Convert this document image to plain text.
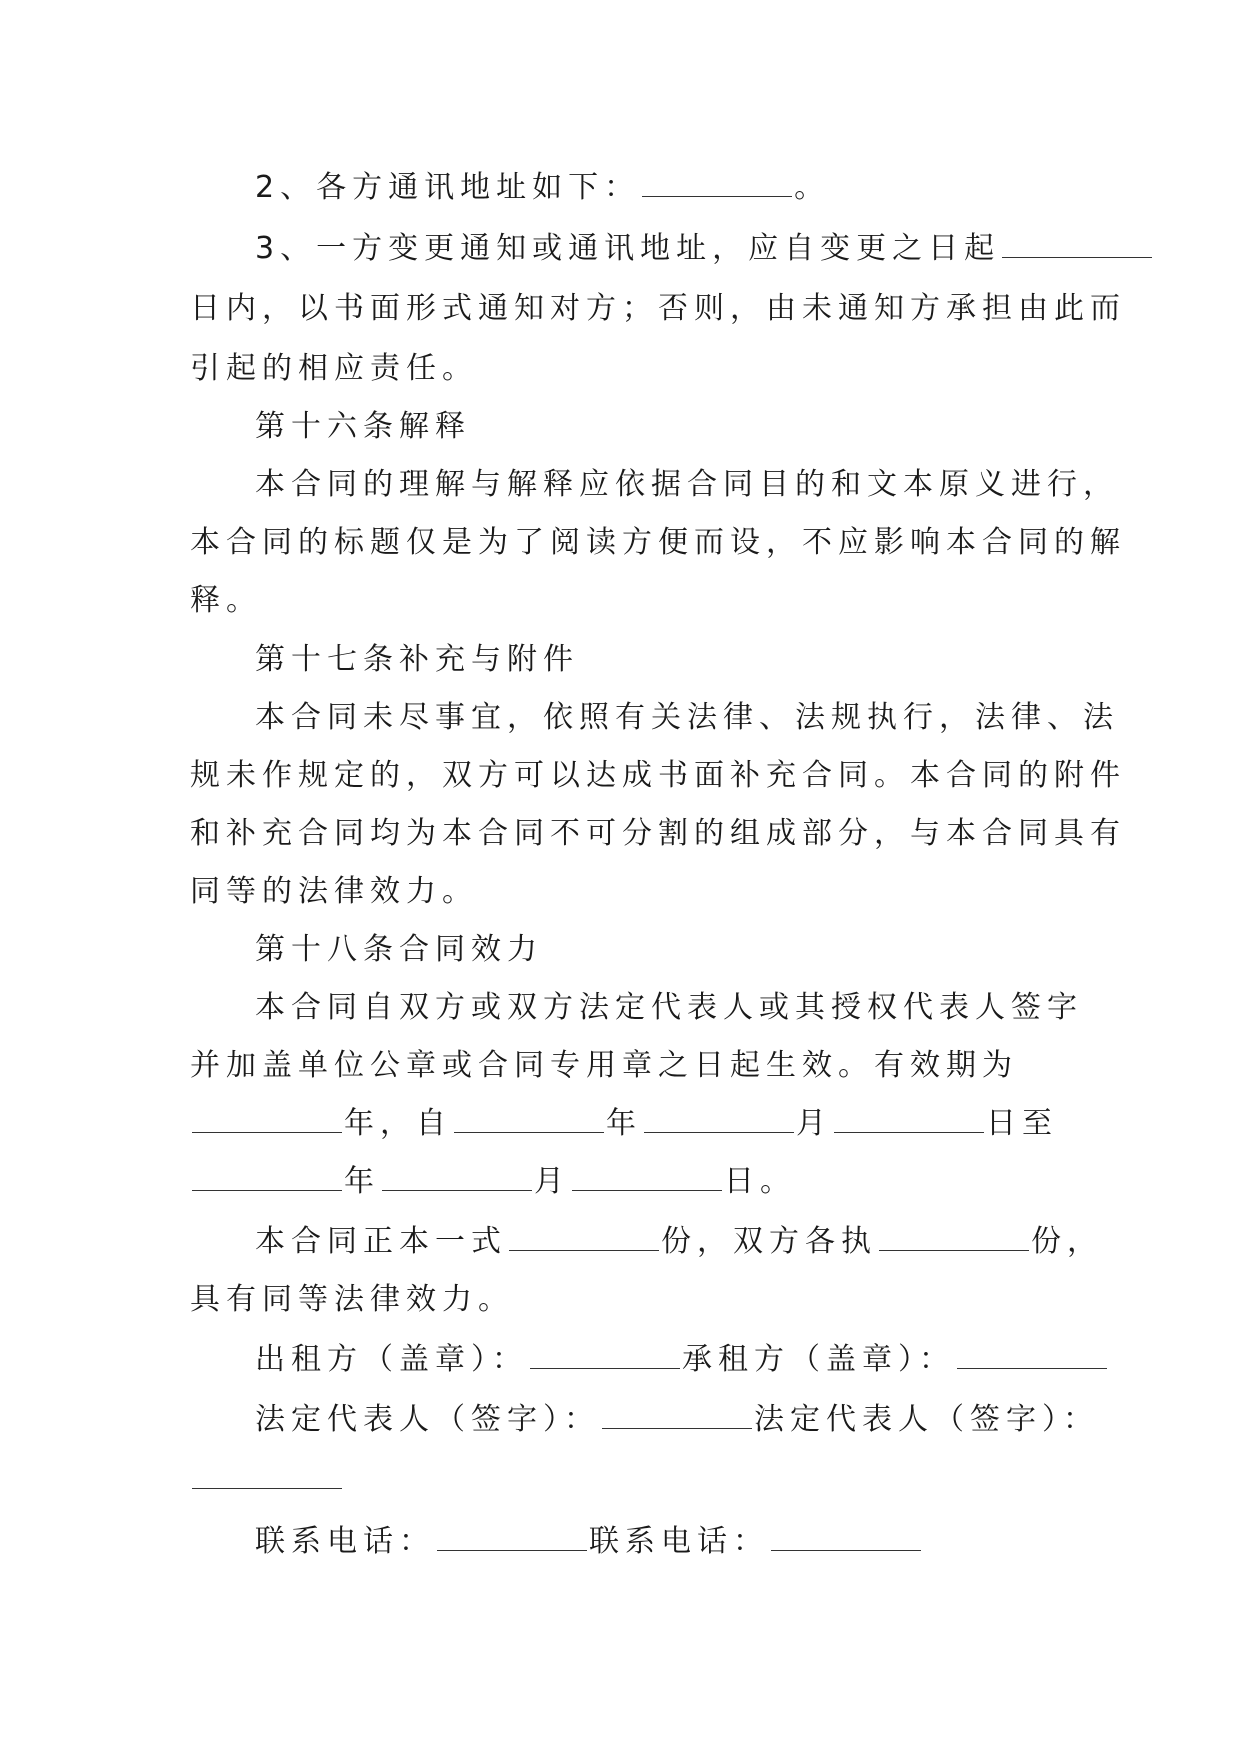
2、各方通讯地址如下：	。
3、一方变更通知或通讯地址，应自变更之日起
日内，以书面形式通知对方；否则，由未通知方承担由此而
引起的相应责任。
第十六条解释
本合同的理解与解释应依据合同目的和文本原义进行，
本合同的标题仅是为了阅读方便而设，不应影响本合同的解
释。
第十七条补充与附件
本合同未尽事宜，依照有关法律、法规执行，法律、法
规未作规定的，双方可以达成书面补充合同。本合同的附件
和补充合同均为本合同不可分割的组成部分，与本合同具有
同等的法律效力。
第十八条合同效力
本合同自双方或双方法定代表人或其授权代表人签字
并加盖单位公章或合同专用章之日起生效。有效期为
年，自	年	月	日至
年	月	日。
本合同正本一式	份，双方各执	份，
具有同等法律效力。
出租方（盖章）：	承租方（盖章）：
法定代表人（签字）：	法定代表人（签字）：
联系电话：	联系电话：
